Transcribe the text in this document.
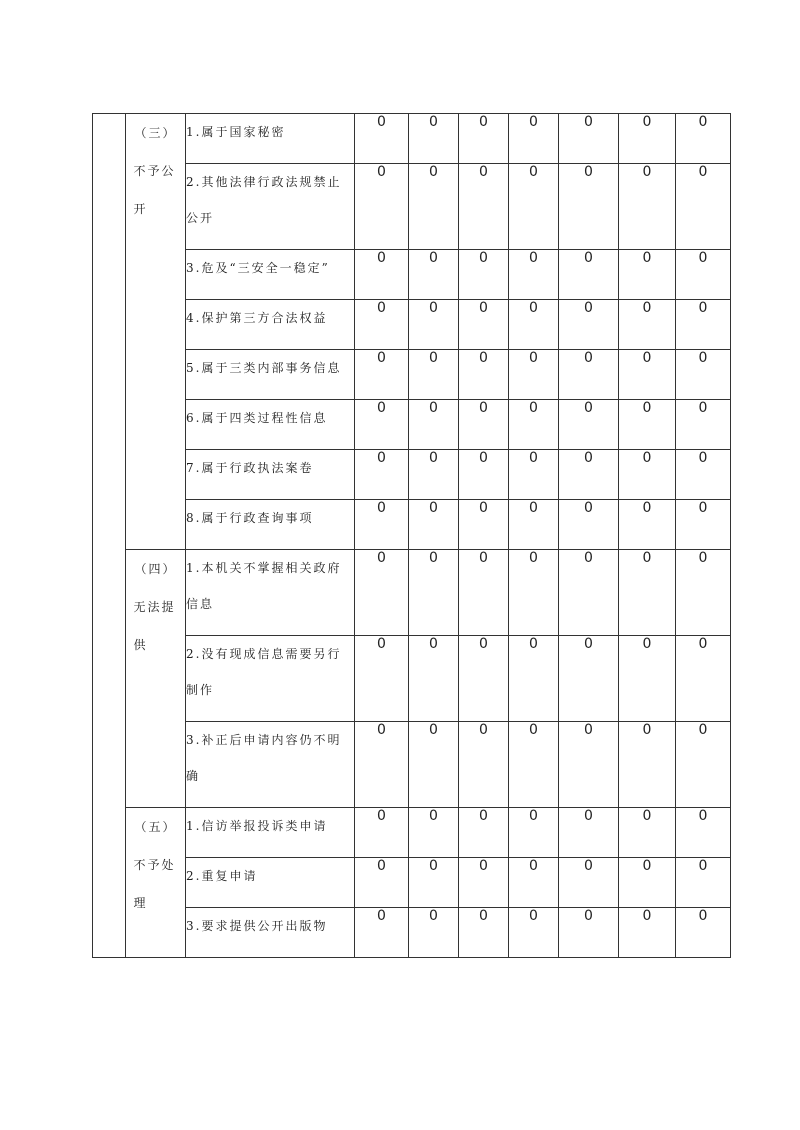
	（三）
不予公开	1.属于国家秘密	0	0	0	0	0	0	0
		2.其他法律行政法规禁止公开	0	0	0	0	0	0	0
		3.危及“三安全一稳定”	0	0	0	0	0	0	0
		4.保护第三方合法权益	0	0	0	0	0	0	0
		5.属于三类内部事务信息	0	0	0	0	0	0	0
		6.属于四类过程性信息	0	0	0	0	0	0	0
		7.属于行政执法案卷	0	0	0	0	0	0	0
		8.属于行政查询事项	0	0	0	0	0	0	0

	（四）
无法提供	1.本机关不掌握相关政府信息	0	0	0	0	0	0	0
		2.没有现成信息需要另行制作	0	0	0	0	0	0	0
		3.补正后申请内容仍不明确	0	0	0	0	0	0	0

	（五）
不予处理	1.信访举报投诉类申请	0	0	0	0	0	0	0
		2.重复申请	0	0	0	0	0	0	0
		3.要求提供公开出版物	0	0	0	0	0	0	0
